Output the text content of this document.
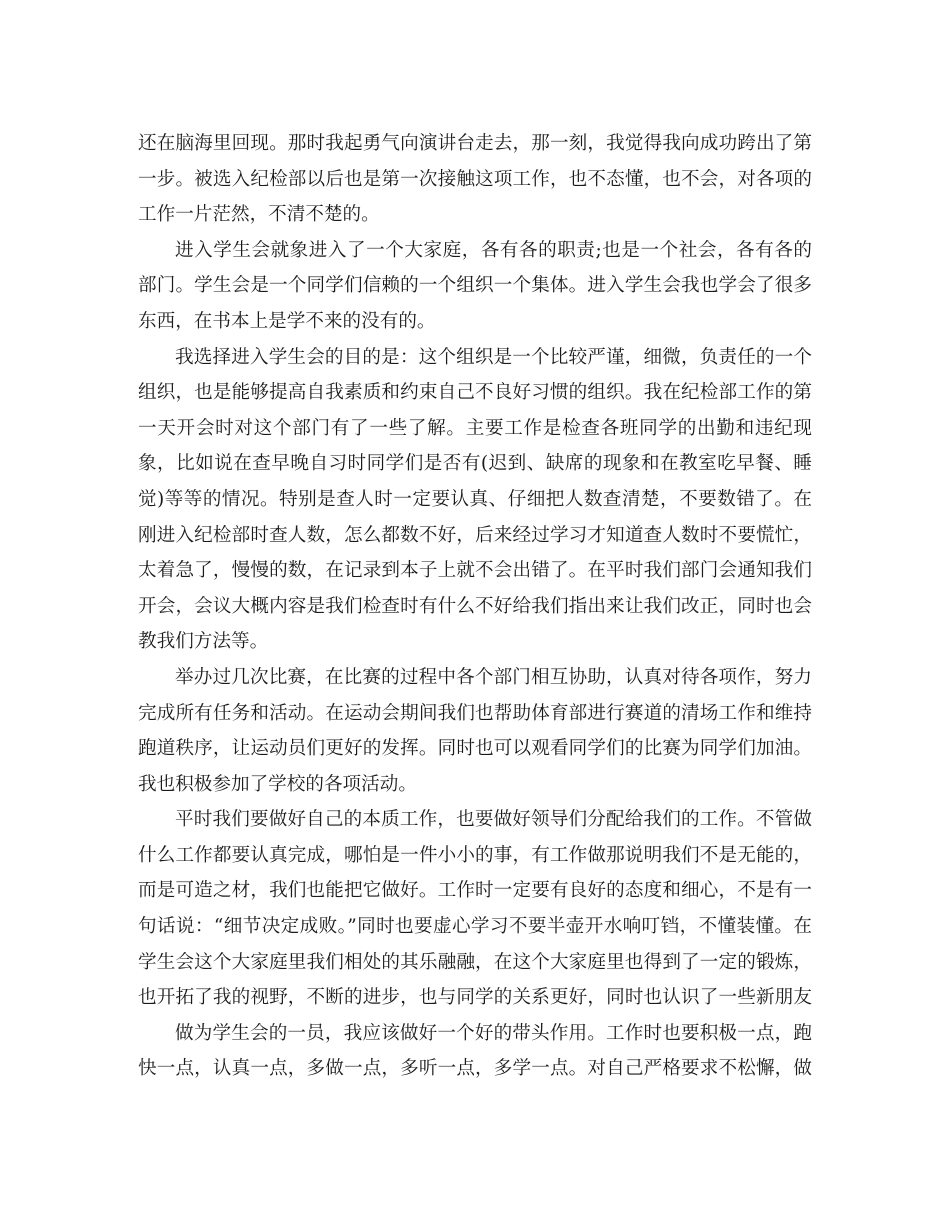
还在脑海里回现。那时我起勇气向演讲台走去，那一刻，我觉得我向成功跨出了第
一步。被选入纪检部以后也是第一次接触这项工作，也不态懂，也不会，对各项的
工作一片茫然，不清不楚的。
进入学生会就象进入了一个大家庭，各有各的职责;也是一个社会，各有各的
部门。学生会是一个同学们信赖的一个组织一个集体。进入学生会我也学会了很多
东西，在书本上是学不来的没有的。
我选择进入学生会的目的是：这个组织是一个比较严谨，细微，负责任的一个
组织，也是能够提高自我素质和约束自己不良好习惯的组织。我在纪检部工作的第
一天开会时对这个部门有了一些了解。主要工作是检查各班同学的出勤和违纪现
象，比如说在查早晚自习时同学们是否有(迟到、缺席的现象和在教室吃早餐、睡
觉)等等的情况。特别是查人时一定要认真、仔细把人数查清楚，不要数错了。在
刚进入纪检部时查人数，怎么都数不好，后来经过学习才知道查人数时不要慌忙，
太着急了，慢慢的数，在记录到本子上就不会出错了。在平时我们部门会通知我们
开会，会议大概内容是我们检查时有什么不好给我们指出来让我们改正，同时也会
教我们方法等。
举办过几次比赛，在比赛的过程中各个部门相互协助，认真对待各项作，努力
完成所有任务和活动。在运动会期间我们也帮助体育部进行赛道的清场工作和维持
跑道秩序，让运动员们更好的发挥。同时也可以观看同学们的比赛为同学们加油。
我也积极参加了学校的各项活动。
平时我们要做好自己的本质工作，也要做好领导们分配给我们的工作。不管做
什么工作都要认真完成，哪怕是一件小小的事，有工作做那说明我们不是无能的，
而是可造之材，我们也能把它做好。工作时一定要有良好的态度和细心，不是有一
句话说：“细节决定成败。”同时也要虚心学习不要半壶开水响叮铛，不懂装懂。在
学生会这个大家庭里我们相处的其乐融融，在这个大家庭里也得到了一定的锻炼，
也开拓了我的视野，不断的进步，也与同学的关系更好，同时也认识了一些新朋友
做为学生会的一员，我应该做好一个好的带头作用。工作时也要积极一点，跑
快一点，认真一点，多做一点，多听一点，多学一点。对自己严格要求不松懈，做
